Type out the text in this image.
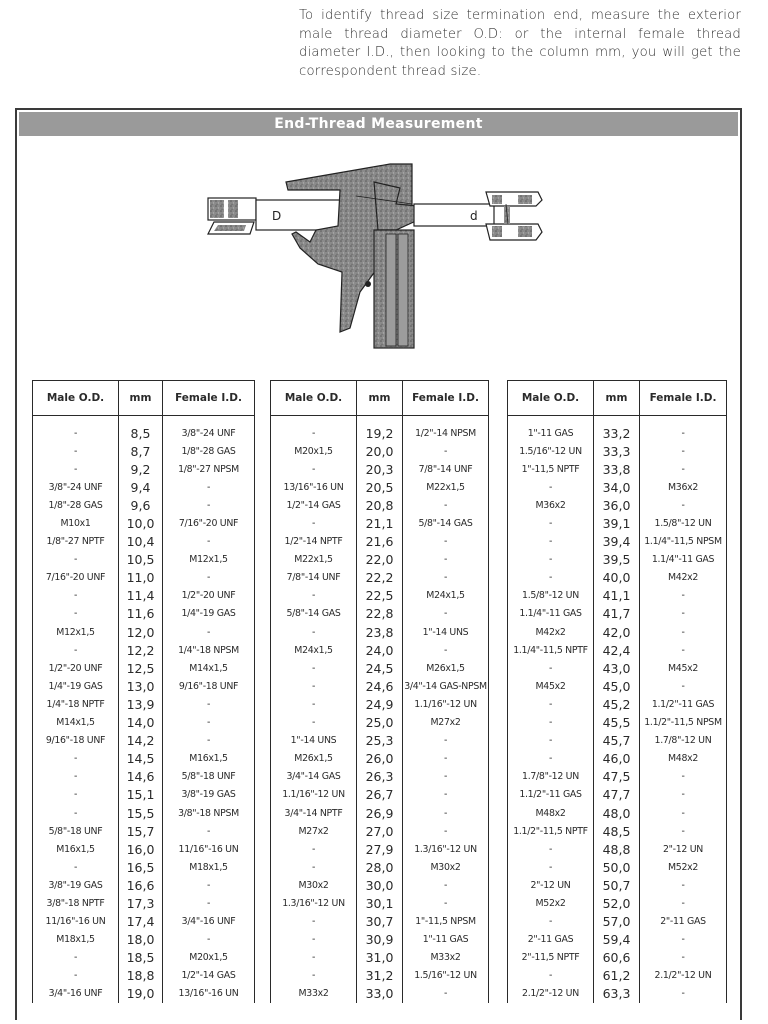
To identify thread size termination end, measure the exterior male thread diameter O.D: or the internal female thread diameter I.D., then looking to the column mm, you will get the correspondent thread size.
End-Thread Measurement
D	d
Male O.D.	mm	Female I.D.

-	8,5	3/8"-24 UNF
-	8,7	1/8"-28 GAS
-	9,2	1/8"-27 NPSM
3/8"-24 UNF	9,4	-
1/8"-28 GAS	9,6	-
M10x1	10,0	7/16"-20 UNF
1/8"-27 NPTF	10,4	-
-	10,5	M12x1,5
7/16"-20 UNF	11,0	-
-	11,4	1/2"-20 UNF
-	11,6	1/4"-19 GAS
M12x1,5	12,0	-
-	12,2	1/4"-18 NPSM
1/2"-20 UNF	12,5	M14x1,5
1/4"-19 GAS	13,0	9/16"-18 UNF
1/4"-18 NPTF	13,9	-
M14x1,5	14,0	-
9/16"-18 UNF	14,2	-
-	14,5	M16x1,5
-	14,6	5/8"-18 UNF
-	15,1	3/8"-19 GAS
-	15,5	3/8"-18 NPSM
5/8"-18 UNF	15,7	-
M16x1,5	16,0	11/16"-16 UN
-	16,5	M18x1,5
3/8"-19 GAS	16,6	-
3/8"-18 NPTF	17,3	-
11/16"-16 UN	17,4	3/4"-16 UNF
M18x1,5	18,0	-
-	18,5	M20x1,5
-	18,8	1/2"-14 GAS
3/4"-16 UNF	19,0	13/16"-16 UN
Male O.D.	mm	Female I.D.

-	19,2	1/2"-14 NPSM
M20x1,5	20,0	-
-	20,3	7/8"-14 UNF
13/16"-16 UN	20,5	M22x1,5
1/2"-14 GAS	20,8	-
-	21,1	5/8"-14 GAS
1/2"-14 NPTF	21,6	-
M22x1,5	22,0	-
7/8"-14 UNF	22,2	-
-	22,5	M24x1,5
5/8"-14 GAS	22,8	-
-	23,8	1"-14 UNS
M24x1,5	24,0	-
-	24,5	M26x1,5
-	24,6	3/4"-14 GAS-NPSM
-	24,9	1.1/16"-12 UN
-	25,0	M27x2
1"-14 UNS	25,3	-
M26x1,5	26,0	-
3/4"-14 GAS	26,3	-
1.1/16"-12 UN	26,7	-
3/4"-14 NPTF	26,9	-
M27x2	27,0	-
-	27,9	1.3/16"-12 UN
-	28,0	M30x2
M30x2	30,0	-
1.3/16"-12 UN	30,1	-
-	30,7	1"-11,5 NPSM
-	30,9	1"-11 GAS
-	31,0	M33x2
-	31,2	1.5/16"-12 UN
M33x2	33,0	-
Male O.D.	mm	Female I.D.

1"-11 GAS	33,2	-
1.5/16"-12 UN	33,3	-
1"-11,5 NPTF	33,8	-
-	34,0	M36x2
M36x2	36,0	-
-	39,1	1.5/8"-12 UN
-	39,4	1.1/4"-11,5 NPSM
-	39,5	1.1/4"-11 GAS
-	40,0	M42x2
1.5/8"-12 UN	41,1	-
1.1/4"-11 GAS	41,7	-
M42x2	42,0	-
1.1/4"-11,5 NPTF	42,4	-
-	43,0	M45x2
M45x2	45,0	-
-	45,2	1.1/2"-11 GAS
-	45,5	1.1/2"-11,5 NPSM
-	45,7	1.7/8"-12 UN
-	46,0	M48x2
1.7/8"-12 UN	47,5	-
1.1/2"-11 GAS	47,7	-
M48x2	48,0	-
1.1/2"-11,5 NPTF	48,5	-
-	48,8	2"-12 UN
-	50,0	M52x2
2"-12 UN	50,7	-
M52x2	52,0	-
-	57,0	2"-11 GAS
2"-11 GAS	59,4	-
2"-11,5 NPTF	60,6	-
-	61,2	2.1/2"-12 UN
2.1/2"-12 UN	63,3	-
